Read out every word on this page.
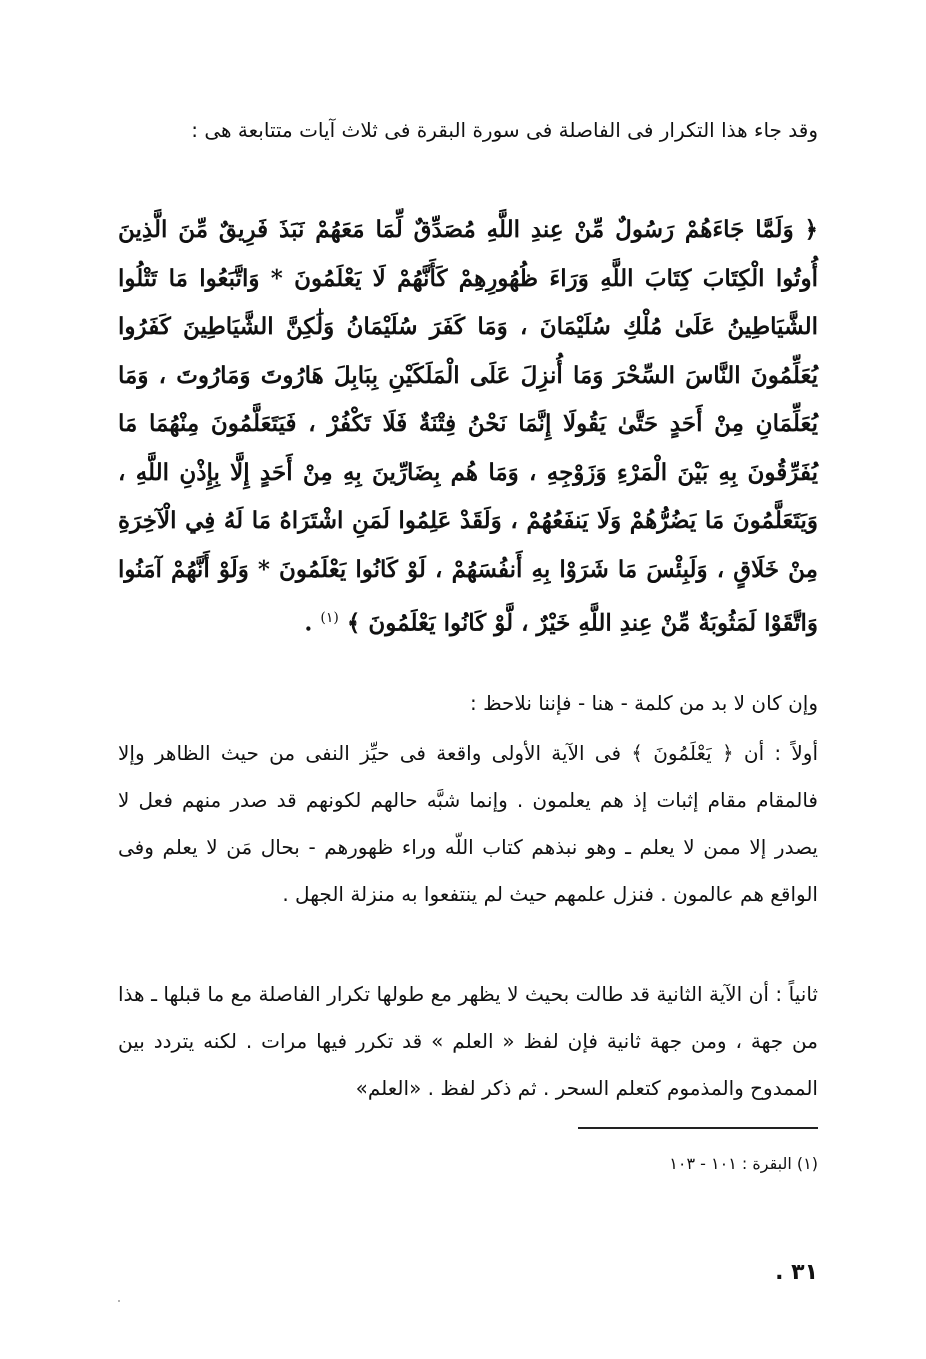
وقد جاء هذا التكرار فى الفاصلة فى سورة البقرة فى ثلاث آيات متتابعة هى :

﴿ وَلَمَّا جَاءَهُمْ رَسُولٌ مِّنْ عِندِ اللَّهِ مُصَدِّقٌ لِّمَا مَعَهُمْ نَبَذَ فَرِيقٌ مِّنَ الَّذِينَ أُوتُوا الْكِتَابَ كِتَابَ اللَّهِ وَرَاءَ ظُهُورِهِمْ كَأَنَّهُمْ لَا يَعْلَمُونَ * وَاتَّبَعُوا مَا تَتْلُوا الشَّيَاطِينُ عَلَىٰ مُلْكِ سُلَيْمَانَ ، وَمَا كَفَرَ سُلَيْمَانُ وَلَٰكِنَّ الشَّيَاطِينَ كَفَرُوا يُعَلِّمُونَ النَّاسَ السِّحْرَ وَمَا أُنزِلَ عَلَى الْمَلَكَيْنِ بِبَابِلَ هَارُوتَ وَمَارُوتَ ، وَمَا يُعَلِّمَانِ مِنْ أَحَدٍ حَتَّىٰ يَقُولَا إِنَّمَا نَحْنُ فِتْنَةٌ فَلَا تَكْفُرْ ، فَيَتَعَلَّمُونَ مِنْهُمَا مَا يُفَرِّقُونَ بِهِ بَيْنَ الْمَرْءِ وَزَوْجِهِ ، وَمَا هُم بِضَارِّينَ بِهِ مِنْ أَحَدٍ إِلَّا بِإِذْنِ اللَّهِ ، وَيَتَعَلَّمُونَ مَا يَضُرُّهُمْ وَلَا يَنفَعُهُمْ ، وَلَقَدْ عَلِمُوا لَمَنِ اشْتَرَاهُ مَا لَهُ فِي الْآخِرَةِ مِنْ خَلَاقٍ ، وَلَبِئْسَ مَا شَرَوْا بِهِ أَنفُسَهُمْ ، لَوْ كَانُوا يَعْلَمُونَ * وَلَوْ أَنَّهُمْ آمَنُوا وَاتَّقَوْا لَمَثُوبَةٌ مِّنْ عِندِ اللَّهِ خَيْرٌ ، لَّوْ كَانُوا يَعْلَمُونَ ﴾ $^{(١)}$ .

وإن كان لا بد من كلمة - هنا - فإننا نلاحظ :

أولاً : أن ﴿ يَعْلَمُونَ ﴾ فى الآية الأولى واقعة فى حيِّز النفى من حيث الظاهر وإلا فالمقام مقام إثبات إذ هم يعلمون . وإنما شبَّه حالهم لكونهم قد صدر منهم فعل لا يصدر إلا ممن لا يعلم ـ وهو نبذهم كتاب اللّه وراء ظهورهم - بحال مَن لا يعلم وفى الواقع هم عالمون . فنزل علمهم حيث لم ينتفعوا به منزلة الجهل .

ثانياً : أن الآية الثانية قد طالت بحيث لا يظهر مع طولها تكرار الفاصلة مع ما قبلها ـ هذا من جهة ، ومن جهة ثانية فإن لفظ « العلم » قد تكرر فيها مرات . لكنه يتردد بين الممدوح والمذموم كتعلم السحر . ثم ذكر لفظ . «العلم»

(١) البقرة : ١٠١ - ١٠٣

٣١ .
